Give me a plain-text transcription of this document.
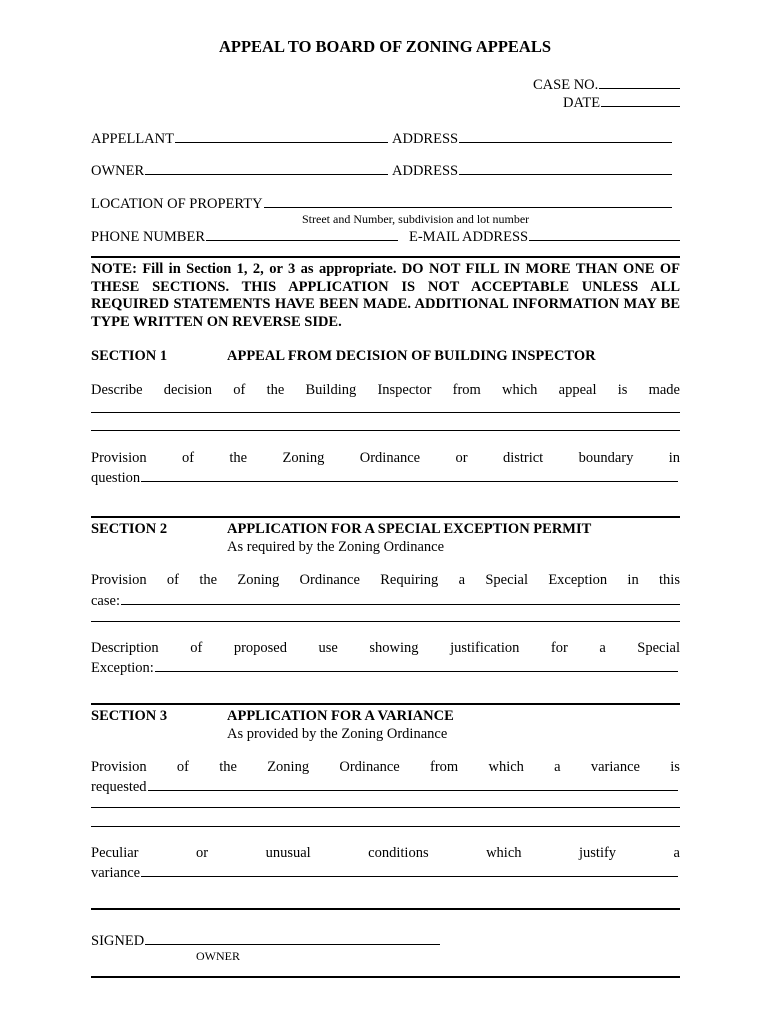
APPEAL TO BOARD OF ZONING APPEALS
CASE NO.
DATE
APPELLANT	ADDRESS
OWNER	ADDRESS
LOCATION OF PROPERTY
Street and Number, subdivision and lot number
PHONE NUMBER	E-MAIL ADDRESS
NOTE: Fill in Section 1, 2, or 3 as appropriate. DO NOT FILL IN MORE THAN ONE OF THESE SECTIONS. THIS APPLICATION IS NOT ACCEPTABLE UNLESS ALL REQUIRED STATEMENTS HAVE BEEN MADE. ADDITIONAL INFORMATION MAY BE TYPE WRITTEN ON REVERSE SIDE.
SECTION 1	APPEAL FROM DECISION OF BUILDING INSPECTOR
Describe decision of the Building Inspector from which appeal is made
Provision of the Zoning Ordinance or district boundary in
question
SECTION 2	APPLICATION FOR A SPECIAL EXCEPTION PERMIT
As required by the Zoning Ordinance
Provision of the Zoning Ordinance Requiring a Special Exception in this
case:
Description of proposed use showing justification for a Special
Exception:
SECTION 3	APPLICATION FOR A VARIANCE
As provided by the Zoning Ordinance
Provision of the Zoning Ordinance from which a variance is
requested
Peculiar	or	unusual	conditions	which	justify	a
variance
SIGNED
OWNER
